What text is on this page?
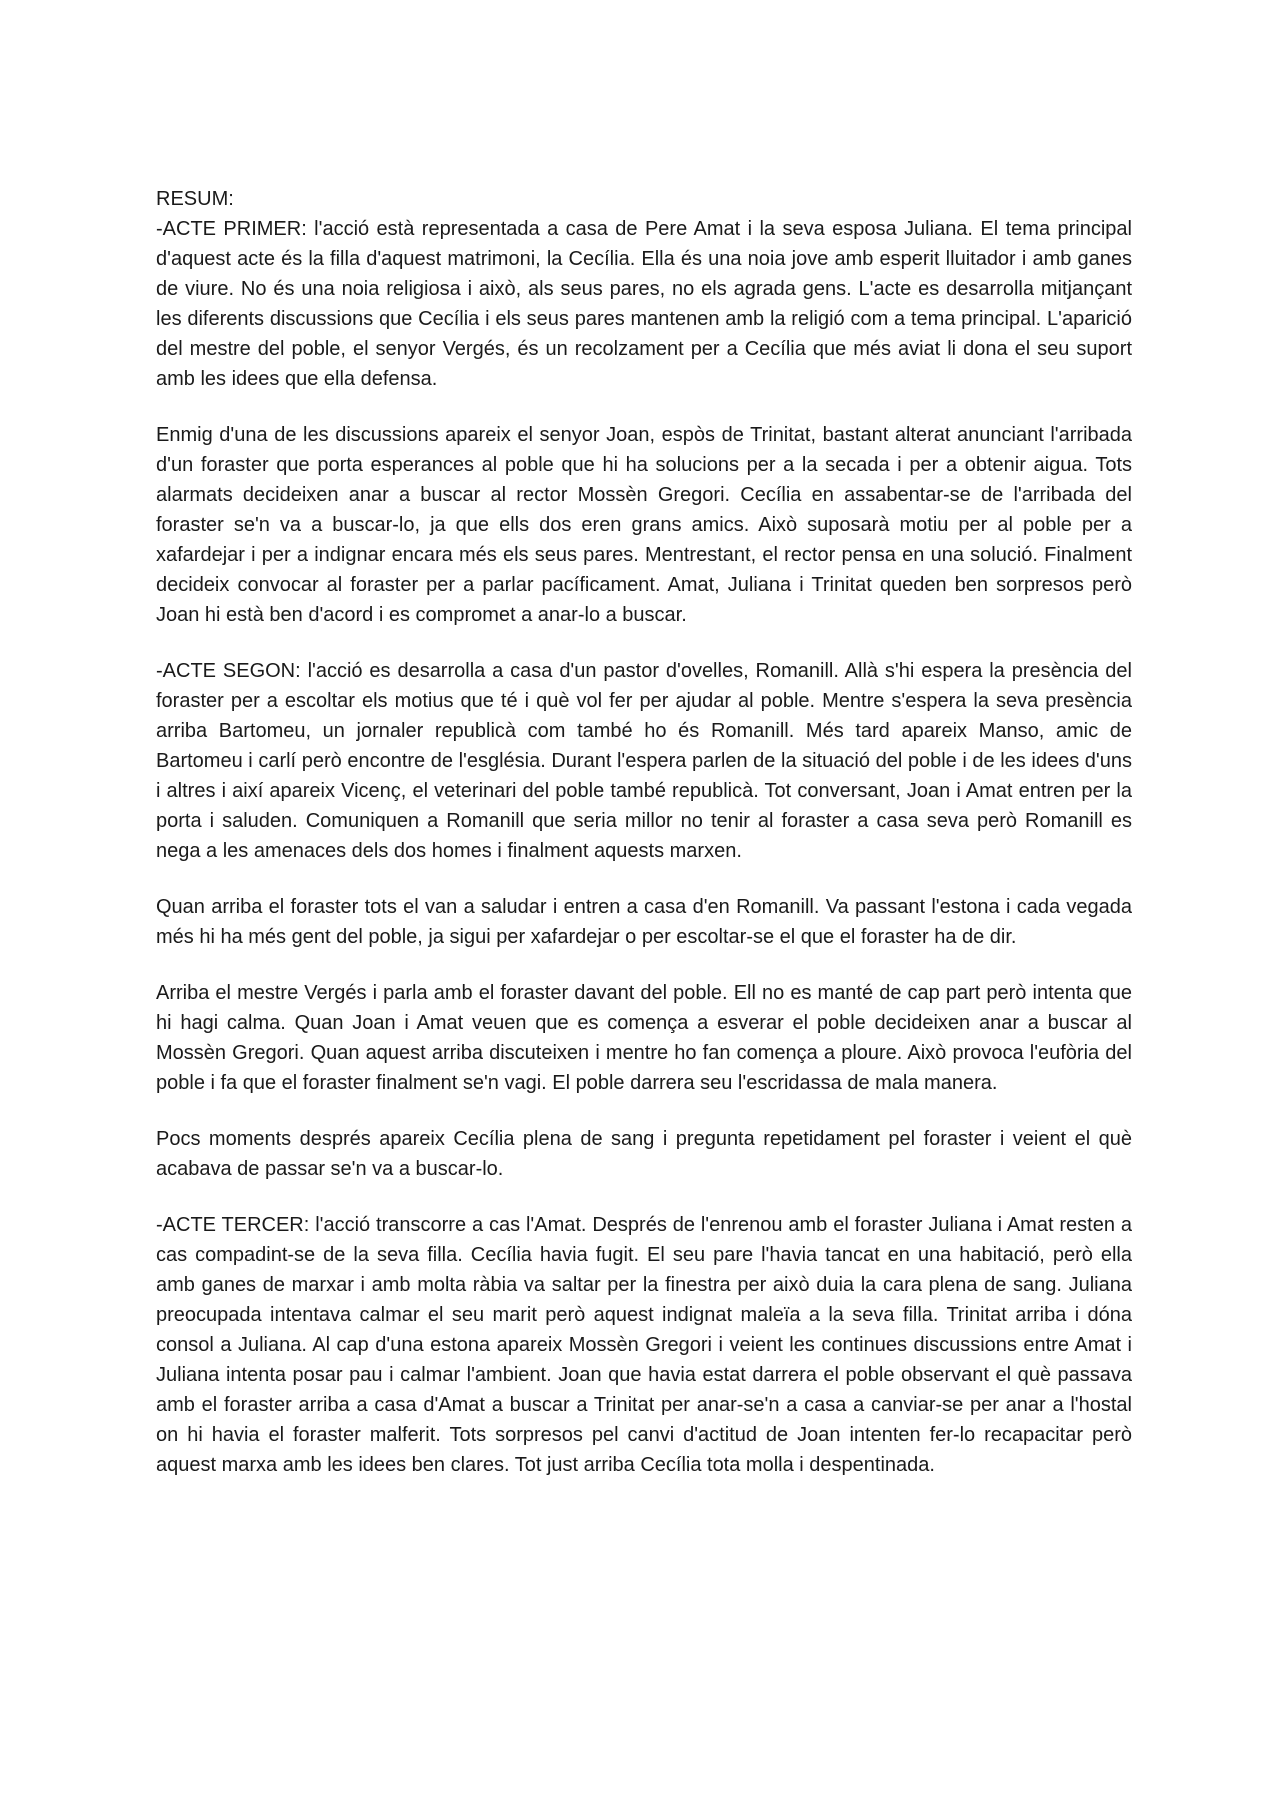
RESUM:

-ACTE PRIMER: l'acció està representada a casa de Pere Amat i la seva esposa Juliana. El tema principal d'aquest acte és la filla d'aquest matrimoni, la Cecília. Ella és una noia jove amb esperit lluitador i amb ganes de viure. No és una noia religiosa i això, als seus pares, no els agrada gens. L'acte es desarrolla mitjançant les diferents discussions que Cecília i els seus pares mantenen amb la religió com a tema principal. L'aparició del mestre del poble, el senyor Vergés, és un recolzament per a Cecília que més aviat li dona el seu suport amb les idees que ella defensa.

Enmig d'una de les discussions apareix el senyor Joan, espòs de Trinitat, bastant alterat anunciant l'arribada d'un foraster que porta esperances al poble que hi ha solucions per a la secada i per a obtenir aigua. Tots alarmats decideixen anar a buscar al rector Mossèn Gregori. Cecília en assabentar-se de l'arribada del foraster se'n va a buscar-lo, ja que ells dos eren grans amics. Això suposarà motiu per al poble per a xafardejar i per a indignar encara més els seus pares. Mentrestant, el rector pensa en una solució. Finalment decideix convocar al foraster per a parlar pacíficament. Amat, Juliana i Trinitat queden ben sorpresos però Joan hi està ben d'acord i es compromet a anar-lo a buscar.

-ACTE SEGON: l'acció es desarrolla a casa d'un pastor d'ovelles, Romanill. Allà s'hi espera la presència del foraster per a escoltar els motius que té i què vol fer per ajudar al poble. Mentre s'espera la seva presència arriba Bartomeu, un jornaler republicà com també ho és Romanill. Més tard apareix Manso, amic de Bartomeu i carlí però encontre de l'església. Durant l'espera parlen de la situació del poble i de les idees d'uns i altres i així apareix Vicenç, el veterinari del poble també republicà. Tot conversant, Joan i Amat entren per la porta i saluden. Comuniquen a Romanill que seria millor no tenir al foraster a casa seva però Romanill es nega a les amenaces dels dos homes i finalment aquests marxen.

Quan arriba el foraster tots el van a saludar i entren a casa d'en Romanill. Va passant l'estona i cada vegada més hi ha més gent del poble, ja sigui per xafardejar o per escoltar-se el que el foraster ha de dir.

Arriba el mestre Vergés i parla amb el foraster davant del poble. Ell no es manté de cap part però intenta que hi hagi calma. Quan Joan i Amat veuen que es comença a esverar el poble decideixen anar a buscar al Mossèn Gregori. Quan aquest arriba discuteixen i mentre ho fan comença a ploure. Això provoca l'eufòria del poble i fa que el foraster finalment se'n vagi. El poble darrera seu l'escridassa de mala manera.

Pocs moments després apareix Cecília plena de sang i pregunta repetidament pel foraster i veient el què acabava de passar se'n va a buscar-lo.

-ACTE TERCER: l'acció transcorre a cas l'Amat. Després de l'enrenou amb el foraster Juliana i Amat resten a cas compadint-se de la seva filla. Cecília havia fugit. El seu pare l'havia tancat en una habitació, però ella amb ganes de marxar i amb molta ràbia va saltar per la finestra per això duia la cara plena de sang. Juliana preocupada intentava calmar el seu marit però aquest indignat maleïa a la seva filla. Trinitat arriba i dóna consol a Juliana. Al cap d'una estona apareix Mossèn Gregori i veient les continues discussions entre Amat i Juliana intenta posar pau i calmar l'ambient. Joan que havia estat darrera el poble observant el què passava amb el foraster arriba a casa d'Amat a buscar a Trinitat per anar-se'n a casa a canviar-se per anar a l'hostal on hi havia el foraster malferit. Tots sorpresos pel canvi d'actitud de Joan intenten fer-lo recapacitar però aquest marxa amb les idees ben clares. Tot just arriba Cecília tota molla i despentinada.
